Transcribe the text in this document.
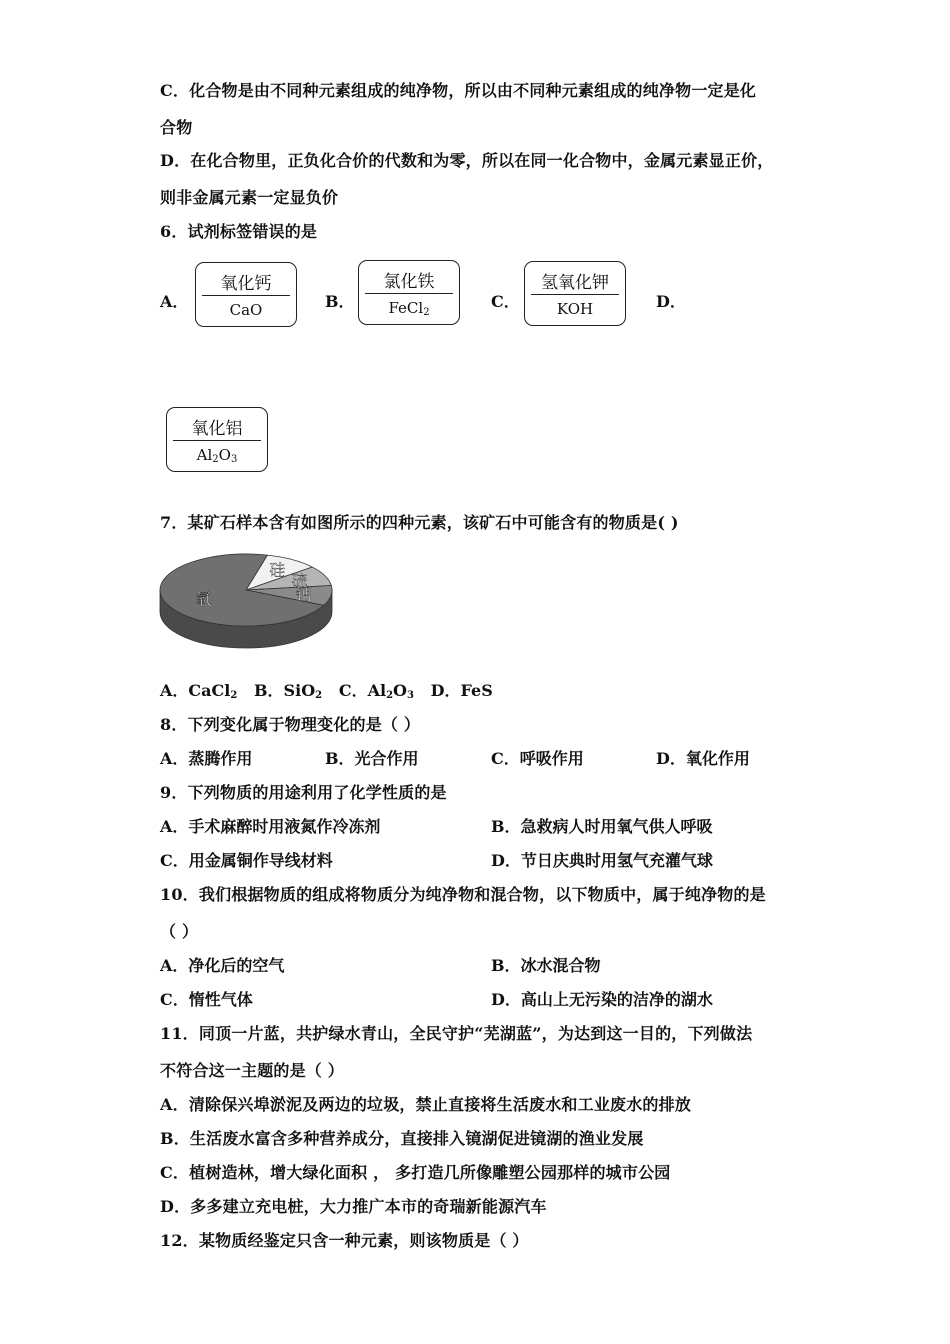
C．化合物是由不同种元素组成的纯净物，所以由不同种元素组成的纯净物一定是化
合物
D．在化合物里，正负化合价的代数和为零，所以在同一化合物中，金属元素显正价，
则非金属元素一定显负价
6．试剂标签错误的是
A．
氧化钙
CaO	B．
氯化铁
FeCl$_2$
C．
氢氧化钾
KOH	D．
氧化铝
$Al_2O_3$
7．某矿石样本含有如图所示的四种元素，该矿石中可能含有的物质是( )
硅
硫
钙
氧
A．CaCl$_2$ B．SiO$_2$ C．$Al_2O_3$ D．FeS
8．下列变化属于物理变化的是（ ）
A．蒸腾作用	B．光合作用	C．呼吸作用	D．氧化作用
9．下列物质的用途利用了化学性质的是
A．手术麻醉时用液氮作冷冻剂	B．急救病人时用氧气供人呼吸
C．用金属铜作导线材料	D．节日庆典时用氢气充灌气球
10．我们根据物质的组成将物质分为纯净物和混合物，以下物质中，属于纯净物的是
（ ）
A．净化后的空气	B．冰水混合物
C．惰性气体	D．高山上无污染的洁净的湖水
11．同顶一片蓝，共护绿水青山，全民守护“芜湖蓝”，为达到这一目的，下列做法
不符合这一主题的是（ ）
A．清除保兴埠淤泥及两边的垃圾，禁止直接将生活废水和工业废水的排放
B．生活废水富含多种营养成分，直接排入镜湖促进镜湖的渔业发展
C．植树造林，增大绿化面积 ， 多打造几所像雕塑公园那样的城市公园
D．多多建立充电桩，大力推广本市的奇瑞新能源汽车
12．某物质经鉴定只含一种元素，则该物质是（ ）
